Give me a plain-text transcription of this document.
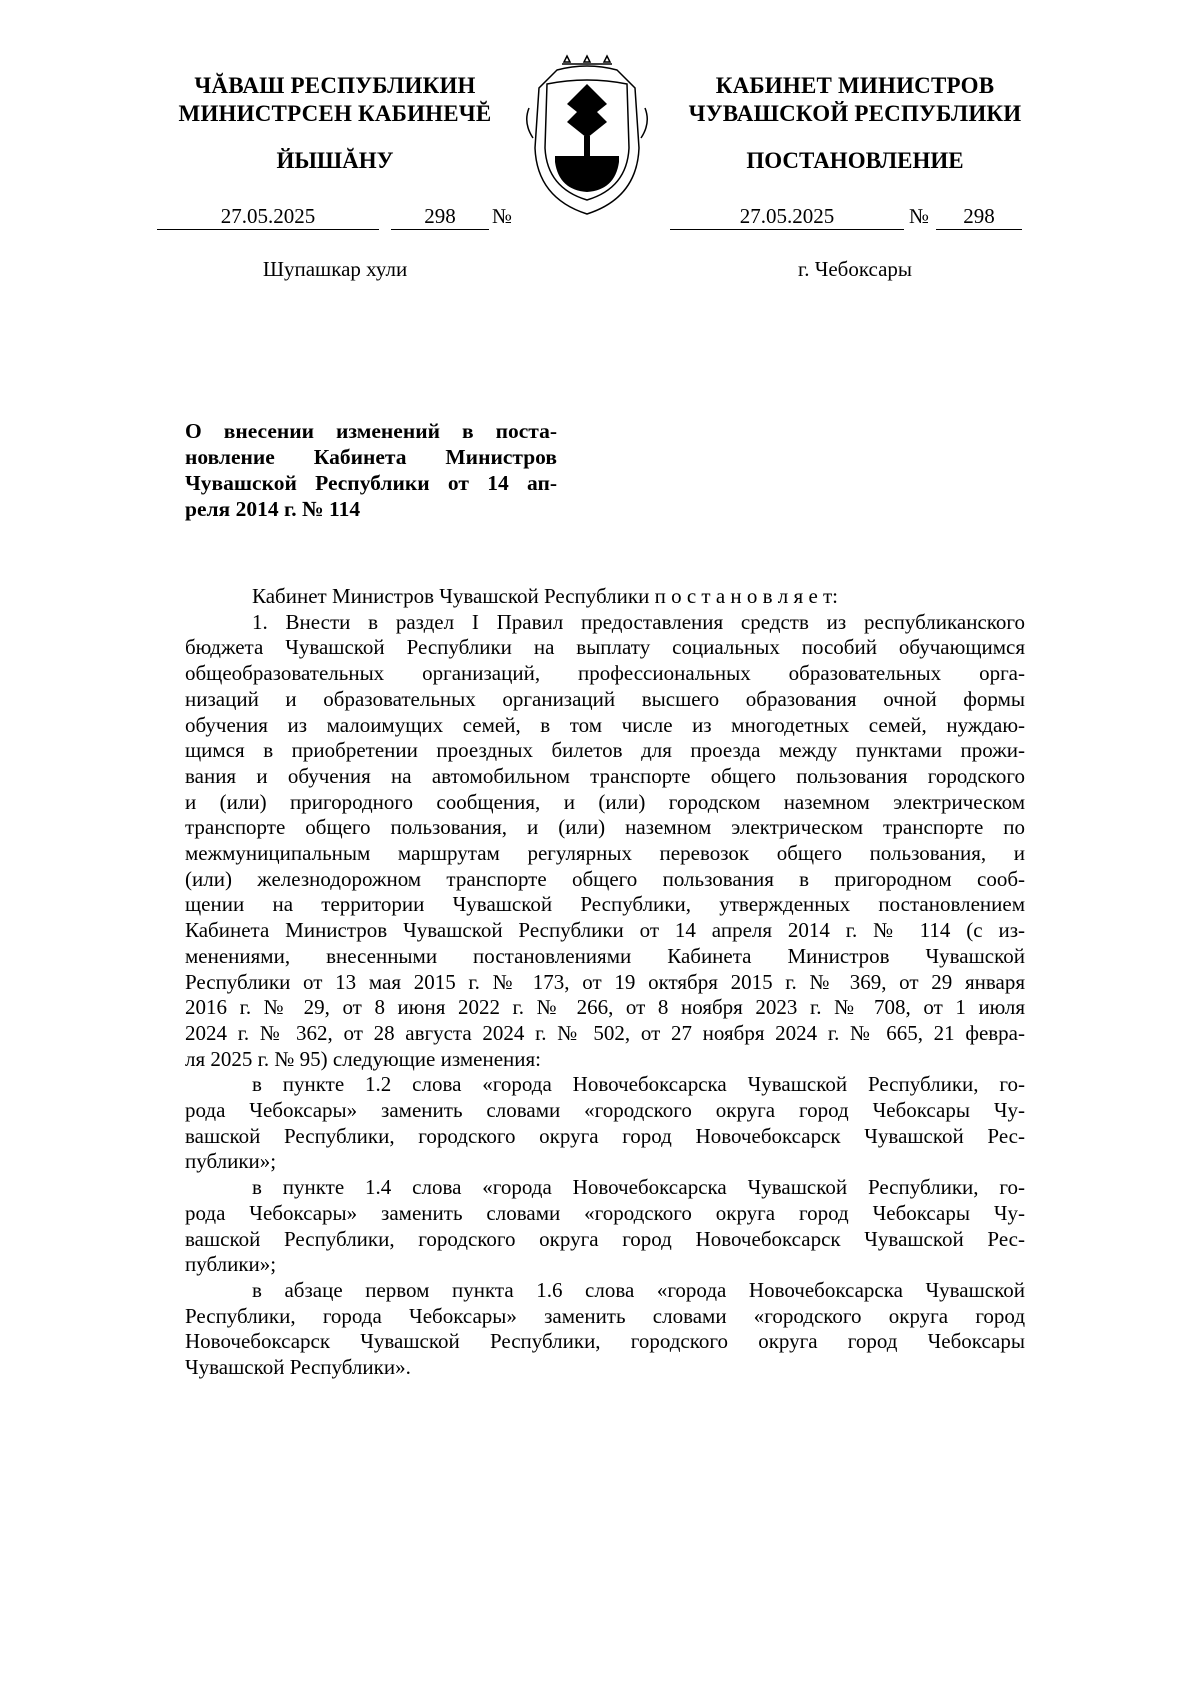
ЧĂВАШ РЕСПУБЛИКИН
МИНИСТРСЕН КАБИНЕЧĔ
ЙЫШĂНУ
КАБИНЕТ МИНИСТРОВ
ЧУВАШСКОЙ РЕСПУБЛИКИ
ПОСТАНОВЛЕНИЕ
27.05.2025	298	№	27.05.2025	№	298
Шупашкар хули	г. Чебоксары
О внесении изменений в поста-
новление Кабинета Министров
Чувашской Республики от 14 ап-
реля 2014 г. № 114
Кабинет Министров Чувашской Республики п о с т а н о в л я е т:
1. Внести в раздел I Правил предоставления средств из республиканского
бюджета Чувашской Республики на выплату социальных пособий обучающимся
общеобразовательных организаций, профессиональных образовательных орга-
низаций и образовательных организаций высшего образования очной формы
обучения из малоимущих семей, в том числе из многодетных семей, нуждаю-
щимся в приобретении проездных билетов для проезда между пунктами прожи-
вания и обучения на автомобильном транспорте общего пользования городского
и (или) пригородного сообщения, и (или) городском наземном электрическом
транспорте общего пользования, и (или) наземном электрическом транспорте по
межмуниципальным маршрутам регулярных перевозок общего пользования, и
(или) железнодорожном транспорте общего пользования в пригородном сооб-
щении на территории Чувашской Республики, утвержденных постановлением
Кабинета Министров Чувашской Республики от 14 апреля 2014 г. № 114 (с из-
менениями, внесенными постановлениями Кабинета Министров Чувашской
Республики от 13 мая 2015 г. № 173, от 19 октября 2015 г. № 369, от 29 января
2016 г. № 29, от 8 июня 2022 г. № 266, от 8 ноября 2023 г. № 708, от 1 июля
2024 г. № 362, от 28 августа 2024 г. № 502, от 27 ноября 2024 г. № 665, 21 февра-
ля 2025 г. № 95) следующие изменения:
в пункте 1.2 слова «города Новочебоксарска Чувашской Республики, го-
рода Чебоксары» заменить словами «городского округа город Чебоксары Чу-
вашской Республики, городского округа город Новочебоксарск Чувашской Рес-
публики»;
в пункте 1.4 слова «города Новочебоксарска Чувашской Республики, го-
рода Чебоксары» заменить словами «городского округа город Чебоксары Чу-
вашской Республики, городского округа город Новочебоксарск Чувашской Рес-
публики»;
в абзаце первом пункта 1.6 слова «города Новочебоксарска Чувашской
Республики, города Чебоксары» заменить словами «городского округа город
Новочебоксарск Чувашской Республики, городского округа город Чебоксары
Чувашской Республики».
